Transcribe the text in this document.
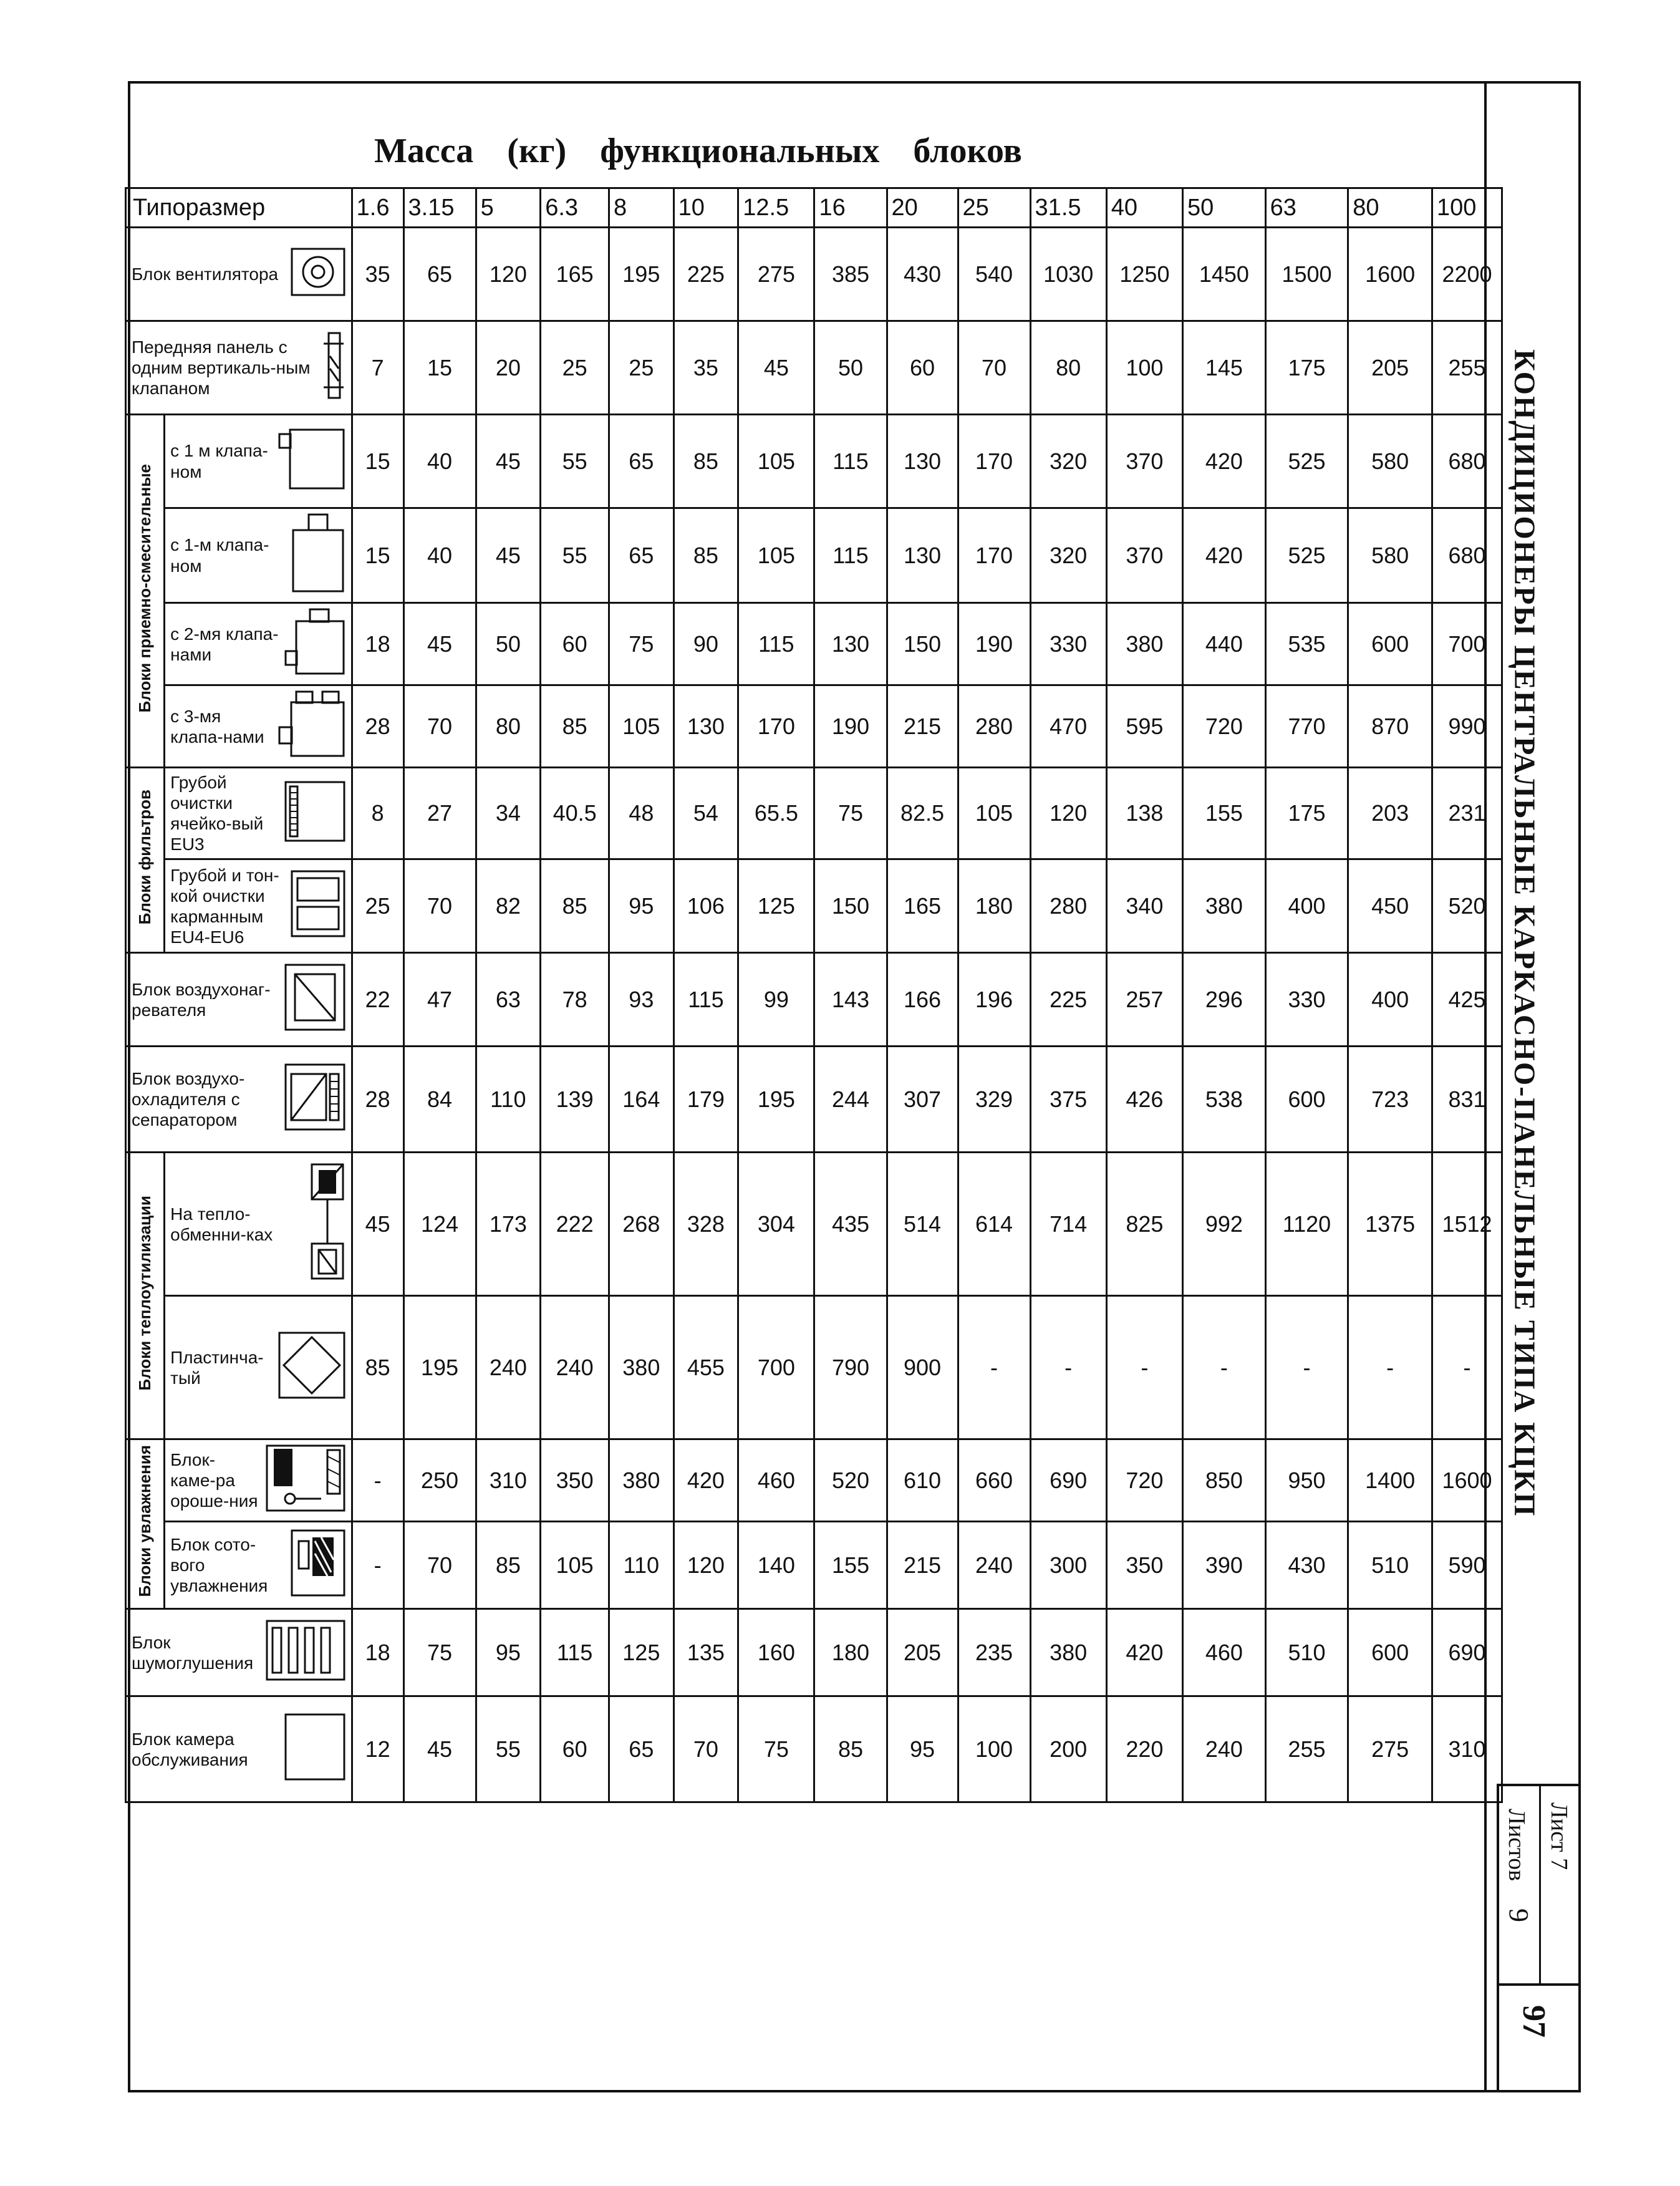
Масса (кг) функциональных блоков
Типоразмер		1.6	3.15	5	6.3	8	10	12.5	16	20	25	31.5	40	50	63	80	100

Блок вентилятора		35	65	120	165	195	225	275	385	430	540	1030	1250	1450	1500	1600	2200

Передняя панель с одним вертикаль-ным клапаном		7	15	20	25	25	35	45	50	60	70	80	100	145	175	205	255
Блоки приемно-смесительные	с 1 м клапа-ном	15	40	45	55	65	85	105	115	130	170	320	370	420	525	580	680

	с 1-м клапа-ном	15	40	45	55	65	85	105	115	130	170	320	370	420	525	580	680

	с 2-мя клапа-нами	18	45	50	60	75	90	115	130	150	190	330	380	440	535	600	700

	с 3-мя клапа-нами	28	70	80	85	105	130	170	190	215	280	470	595	720	770	870	990
Блоки фильтров	Грубой очистки ячейко-вый EU3	8	27	34	40.5	48	54	65.5	75	82.5	105	120	138	155	175	203	231

	Грубой и тон-кой очистки карманным EU4-EU6	25	70	82	85	95	106	125	150	165	180	280	340	380	400	450	520

Блок воздухонаг-ревателя		22	47	63	78	93	115	99	143	166	196	225	257	296	330	400	425

Блок воздухо-охладителя с сепаратором		28	84	110	139	164	179	195	244	307	329	375	426	538	600	723	831
Блоки теплоутилизации	На тепло-обменни-ках	45	124	173	222	268	328	304	435	514	614	714	825	992	1120	1375	1512

	Пластинча-тый	85	195	240	240	380	455	700	790	900	-	-	-	-	-	-	-
Блоки увлажнения	Блок-каме-ра ороше-ния	-	250	310	350	380	420	460	520	610	660	690	720	850	950	1400	1600

	Блок сото-вого увлажнения	-	70	85	105	110	120	140	155	215	240	300	350	390	430	510	590

Блок шумоглушения		18	75	95	115	125	135	160	180	205	235	380	420	460	510	600	690

Блок камера обслуживания		12	45	55	60	65	70	75	85	95	100	200	220	240	255	275	310
КОНДИЦИОНЕРЫ ЦЕНТРАЛЬНЫЕ КАРКАСНО-ПАНЕЛЬНЫЕ ТИПА КЦКП
Лист 7
Листов
9
97
